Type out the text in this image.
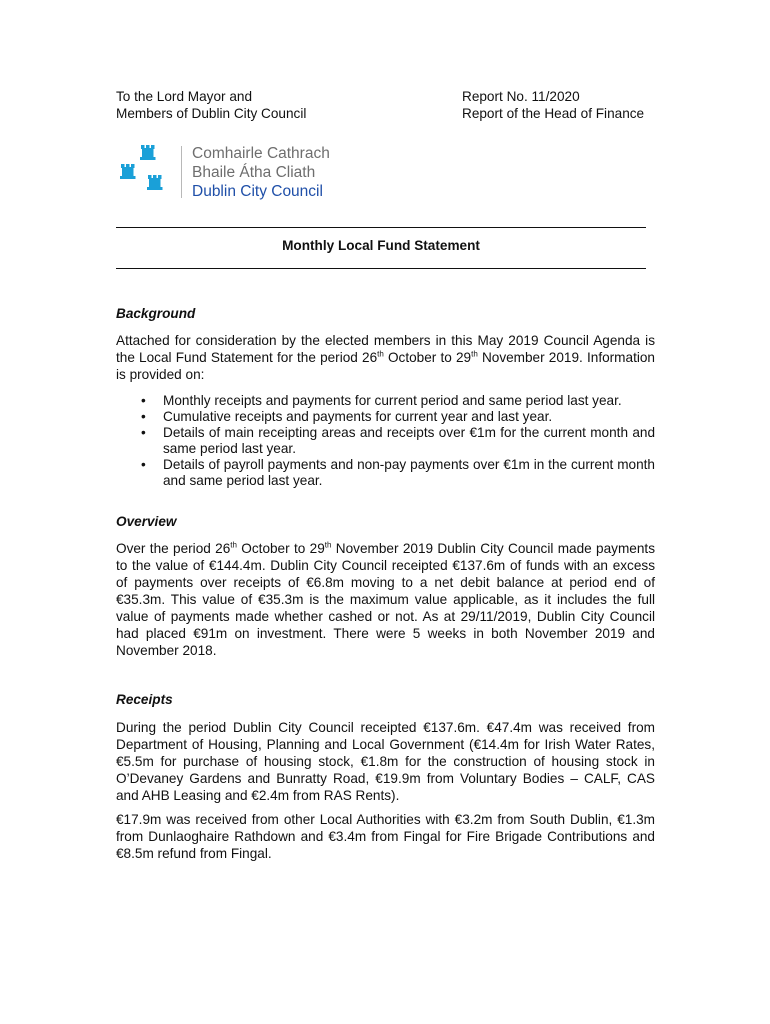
To the Lord Mayor and
Members of Dublin City Council
Report No. 11/2020
Report of the Head of Finance
Comhairle Cathrach
Bhaile Átha Cliath
Dublin City Council
Monthly Local Fund Statement
Background
Attached for consideration by the elected members in this May 2019 Council Agenda is the Local Fund Statement for the period 26th October to 29th November 2019. Information is provided on:
• Monthly receipts and payments for current period and same period last year.
• Cumulative receipts and payments for current year and last year.
• Details of main receipting areas and receipts over €1m for the current month and same period last year.
• Details of payroll payments and non-pay payments over €1m in the current month and same period last year.
Overview
Over the period 26th October to 29th November 2019 Dublin City Council made payments to the value of €144.4m. Dublin City Council receipted €137.6m of funds with an excess of payments over receipts of €6.8m moving to a net debit balance at period end of €35.3m. This value of €35.3m is the maximum value applicable, as it includes the full value of payments made whether cashed or not. As at 29/11/2019, Dublin City Council had placed €91m on investment. There were 5 weeks in both November 2019 and November 2018.
Receipts
During the period Dublin City Council receipted €137.6m. €47.4m was received from Department of Housing, Planning and Local Government (€14.4m for Irish Water Rates, €5.5m for purchase of housing stock, €1.8m for the construction of housing stock in O’Devaney Gardens and Bunratty Road, €19.9m from Voluntary Bodies – CALF, CAS and AHB Leasing and €2.4m from RAS Rents).
€17.9m was received from other Local Authorities with €3.2m from South Dublin, €1.3m from Dunlaoghaire Rathdown and €3.4m from Fingal for Fire Brigade Contributions and €8.5m refund from Fingal.
